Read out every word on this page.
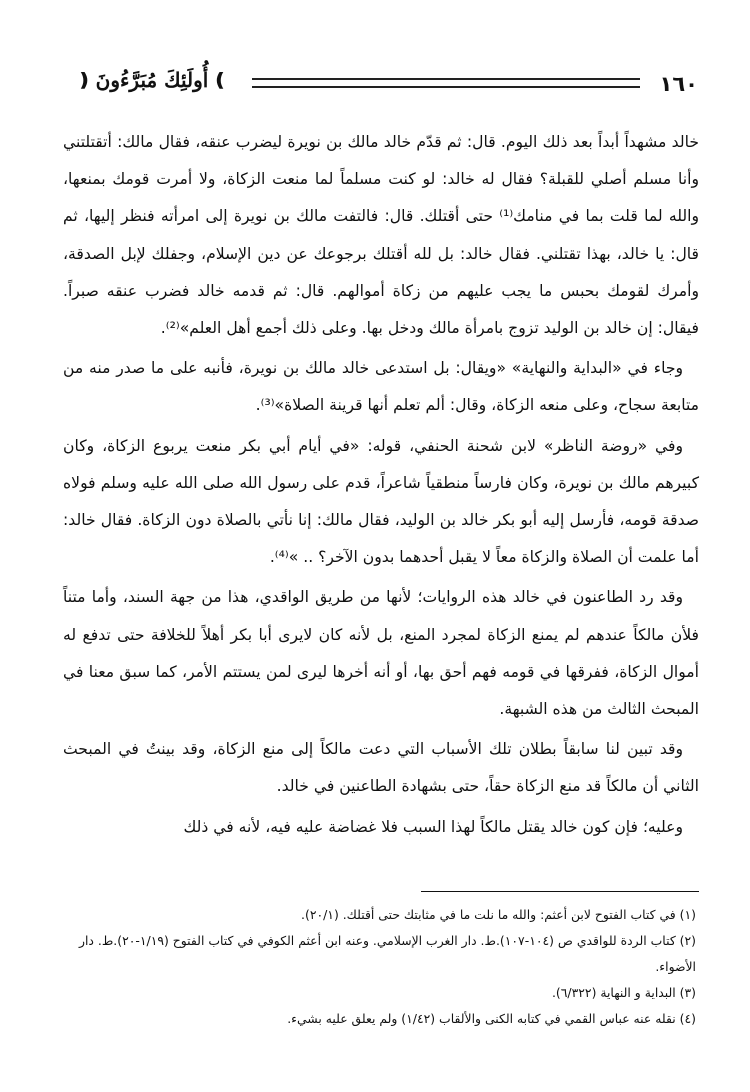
❫
أُولَئِكَ مُبَرَّءُونَ
❪	١٦٠

خالد مشهداً أبداً بعد ذلك اليوم. قال: ثم قدّم خالد مالك بن نويرة ليضرب عنقه، فقال مالك: أتقتلتني وأنا مسلم أصلي للقبلة؟ فقال له خالد: لو كنت مسلماً لما منعت الزكاة، ولا أمرت قومك بمنعها، والله لما قلت بما في منامك⁽¹⁾ حتى أقتلك. قال: فالتفت مالك بن نويرة إلى امرأته فنظر إليها، ثم قال: يا خالد، بهذا تقتلني. فقال خالد: بل لله أقتلك برجوعك عن دين الإسلام، وجفلك لإبل الصدقة، وأمرك لقومك بحبس ما يجب عليهم من زكاة أموالهم. قال: ثم قدمه خالد فضرب عنقه صبراً. فيقال: إن خالد بن الوليد تزوج بامرأة مالك ودخل بها. وعلى ذلك أجمع أهل العلم»⁽²⁾.

وجاء في «البداية والنهاية» «ويقال: بل استدعى خالد مالك بن نويرة، فأنبه على ما صدر منه من متابعة سجاح، وعلى منعه الزكاة، وقال: ألم تعلم أنها قرينة الصلاة»⁽³⁾.

وفي «روضة الناظر» لابن شحنة الحنفي، قوله: «في أيام أبي بكر منعت يربوع الزكاة، وكان كبيرهم مالك بن نويرة، وكان فارساً منطقياً شاعراً، قدم على رسول الله صلى الله عليه وسلم فولاه صدقة قومه، فأرسل إليه أبو بكر خالد بن الوليد، فقال مالك: إنا نأتي بالصلاة دون الزكاة. فقال خالد: أما علمت أن الصلاة والزكاة معاً لا يقبل أحدهما بدون الآخر؟ .. »⁽⁴⁾.

وقد رد الطاعنون في خالد هذه الروايات؛ لأنها من طريق الواقدي، هذا من جهة السند، وأما متناً فلأن مالكاً عندهم لم يمنع الزكاة لمجرد المنع، بل لأنه كان لايرى أبا بكر أهلاً للخلافة حتى تدفع له أموال الزكاة، ففرقها في قومه فهم أحق بها، أو أنه أخرها ليرى لمن يستتم الأمر، كما سبق معنا في المبحث الثالث من هذه الشبهة.

وقد تبين لنا سابقاً بطلان تلك الأسباب التي دعت مالكاً إلى منع الزكاة، وقد بينتُ في المبحث الثاني أن مالكاً قد منع الزكاة حقاً، حتى بشهادة الطاعنين في خالد.

وعليه؛ فإن كون خالد يقتل مالكاً لهذا السبب فلا غضاضة عليه فيه، لأنه في ذلك

(١) في كتاب الفتوح لابن أعثم: والله ما نلت ما في مثابتك حتى أقتلك. (٢٠/١).

(٢) كتاب الردة للواقدي ص (١٠٤-١٠٧).ط. دار الغرب الإسلامي. وعنه ابن أعثم الكوفي في كتاب الفتوح (١/١٩-٢٠).ط. دار الأضواء.

(٣) البداية و النهاية (٦/٣٢٢).

(٤) نقله عنه عباس القمي في كتابه الكنى والألقاب (١/٤٢) ولم يعلق عليه بشيء.
